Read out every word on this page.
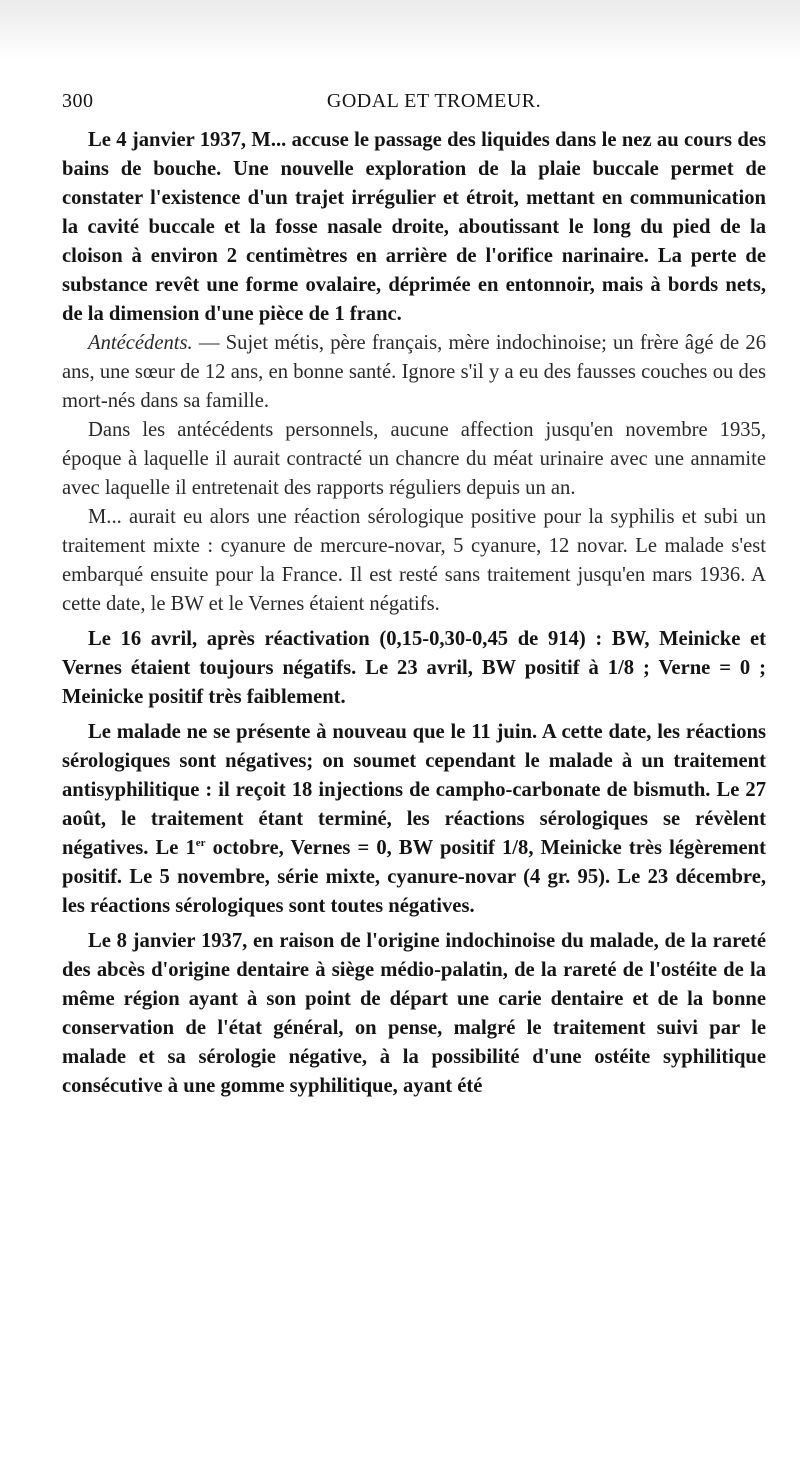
300	GODAL ET TROMEUR.

Le 4 janvier 1937, M... accuse le passage des liquides dans le nez au cours des bains de bouche. Une nouvelle exploration de la plaie buccale permet de constater l'existence d'un trajet irrégulier et étroit, mettant en communication la cavité buccale et la fosse nasale droite, aboutissant le long du pied de la cloison à environ 2 centimètres en arrière de l'orifice narinaire. La perte de substance revêt une forme ovalaire, déprimée en entonnoir, mais à bords nets, de la dimension d'une pièce de 1 franc.

Antécédents. — Sujet métis, père français, mère indochinoise; un frère âgé de 26 ans, une sœur de 12 ans, en bonne santé. Ignore s'il y a eu des fausses couches ou des mort-nés dans sa famille.

Dans les antécédents personnels, aucune affection jusqu'en novembre 1935, époque à laquelle il aurait contracté un chancre du méat urinaire avec une annamite avec laquelle il entretenait des rapports réguliers depuis un an.

M... aurait eu alors une réaction sérologique positive pour la syphilis et subi un traitement mixte : cyanure de mercure-novar, 5 cyanure, 12 novar. Le malade s'est embarqué ensuite pour la France. Il est resté sans traitement jusqu'en mars 1936. A cette date, le BW et le Vernes étaient négatifs.

Le 16 avril, après réactivation (0,15-0,30-0,45 de 914) : BW, Meinicke et Vernes étaient toujours négatifs. Le 23 avril, BW positif à 1/8 ; Verne = 0 ; Meinicke positif très faiblement.

Le malade ne se présente à nouveau que le 11 juin. A cette date, les réactions sérologiques sont négatives; on soumet cependant le malade à un traitement antisyphilitique : il reçoit 18 injections de campho-carbonate de bismuth. Le 27 août, le traitement étant terminé, les réactions sérologiques se révèlent négatives. Le 1er octobre, Vernes = 0, BW positif 1/8, Meinicke très légèrement positif. Le 5 novembre, série mixte, cyanure-novar (4 gr. 95). Le 23 décembre, les réactions sérologiques sont toutes négatives.

Le 8 janvier 1937, en raison de l'origine indochinoise du malade, de la rareté des abcès d'origine dentaire à siège médio-palatin, de la rareté de l'ostéite de la même région ayant à son point de départ une carie dentaire et de la bonne conservation de l'état général, on pense, malgré le traitement suivi par le malade et sa sérologie négative, à la possibilité d'une ostéite syphilitique consécutive à une gomme syphilitique, ayant été
